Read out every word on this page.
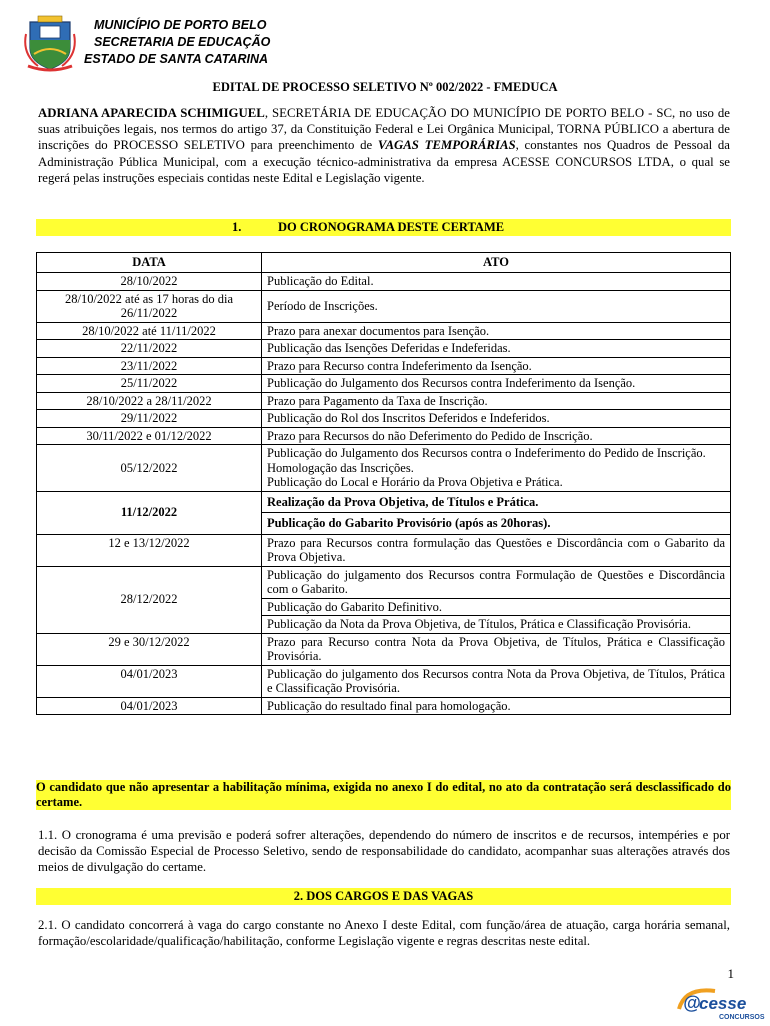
MUNICÍPIO DE PORTO BELO
SECRETARIA DE EDUCAÇÃO
ESTADO DE SANTA CATARINA
EDITAL DE PROCESSO SELETIVO Nº 002/2022 - FMEDUCA
ADRIANA APARECIDA SCHIMIGUEL, SECRETÁRIA DE EDUCAÇÃO DO MUNICÍPIO DE PORTO BELO - SC, no uso de suas atribuições legais, nos termos do artigo 37, da Constituição Federal e Lei Orgânica Municipal, TORNA PÚBLICO a abertura de inscrições do PROCESSO SELETIVO para preenchimento de VAGAS TEMPORÁRIAS, constantes nos Quadros de Pessoal da Administração Pública Municipal, com a execução técnico-administrativa da empresa ACESSE CONCURSOS LTDA, o qual se regerá pelas instruções especiais contidas neste Edital e Legislação vigente.
1.	DO CRONOGRAMA DESTE CERTAME
DATA	ATO
28/10/2022	Publicação do Edital.
28/10/2022 até as 17 horas do dia 26/11/2022	Período de Inscrições.
28/10/2022 até 11/11/2022	Prazo para anexar documentos para Isenção.
22/11/2022	Publicação das Isenções Deferidas e Indeferidas.
23/11/2022	Prazo para Recurso contra Indeferimento da Isenção.
25/11/2022	Publicação do Julgamento dos Recursos contra Indeferimento da Isenção.
28/10/2022 a 28/11/2022	Prazo para Pagamento da Taxa de Inscrição.
29/11/2022	Publicação do Rol dos Inscritos Deferidos e Indeferidos.
30/11/2022 e 01/12/2022	Prazo para Recursos do não Deferimento do Pedido de Inscrição.
05/12/2022	Publicação do Julgamento dos Recursos contra o Indeferimento do Pedido de Inscrição.
Homologação das Inscrições.
Publicação do Local e Horário da Prova Objetiva e Prática.

11/12/2022	Realização da Prova Objetiva, de Títulos e Prática.
Publicação do Gabarito Provisório (após as 20horas).

12 e 13/12/2022	Prazo para Recursos contra formulação das Questões e Discordância com o Gabarito da Prova Objetiva.
28/12/2022	Publicação do julgamento dos Recursos contra Formulação de Questões e Discordância com o Gabarito.
Publicação do Gabarito Definitivo.
Publicação da Nota da Prova Objetiva, de Títulos, Prática e Classificação Provisória.

29 e 30/12/2022	Prazo para Recurso contra Nota da Prova Objetiva, de Títulos, Prática e Classificação Provisória.
04/01/2023	Publicação do julgamento dos Recursos contra Nota da Prova Objetiva, de Títulos, Prática e Classificação Provisória.
04/01/2023	Publicação do resultado final para homologação.
O candidato que não apresentar a habilitação mínima, exigida no anexo I do edital, no ato da contratação será desclassificado do certame.
1.1. O cronograma é uma previsão e poderá sofrer alterações, dependendo do número de inscritos e de recursos, intempéries e por decisão da Comissão Especial de Processo Seletivo, sendo de responsabilidade do candidato, acompanhar suas alterações através dos meios de divulgação do certame.
2. DOS CARGOS E DAS VAGAS
2.1. O candidato concorrerá à vaga do cargo constante no Anexo I deste Edital, com função/área de atuação, carga horária semanal, formação/escolaridade/qualificação/habilitação, conforme Legislação vigente e regras descritas neste edital.
1
@
cesse
CONCURSOS
